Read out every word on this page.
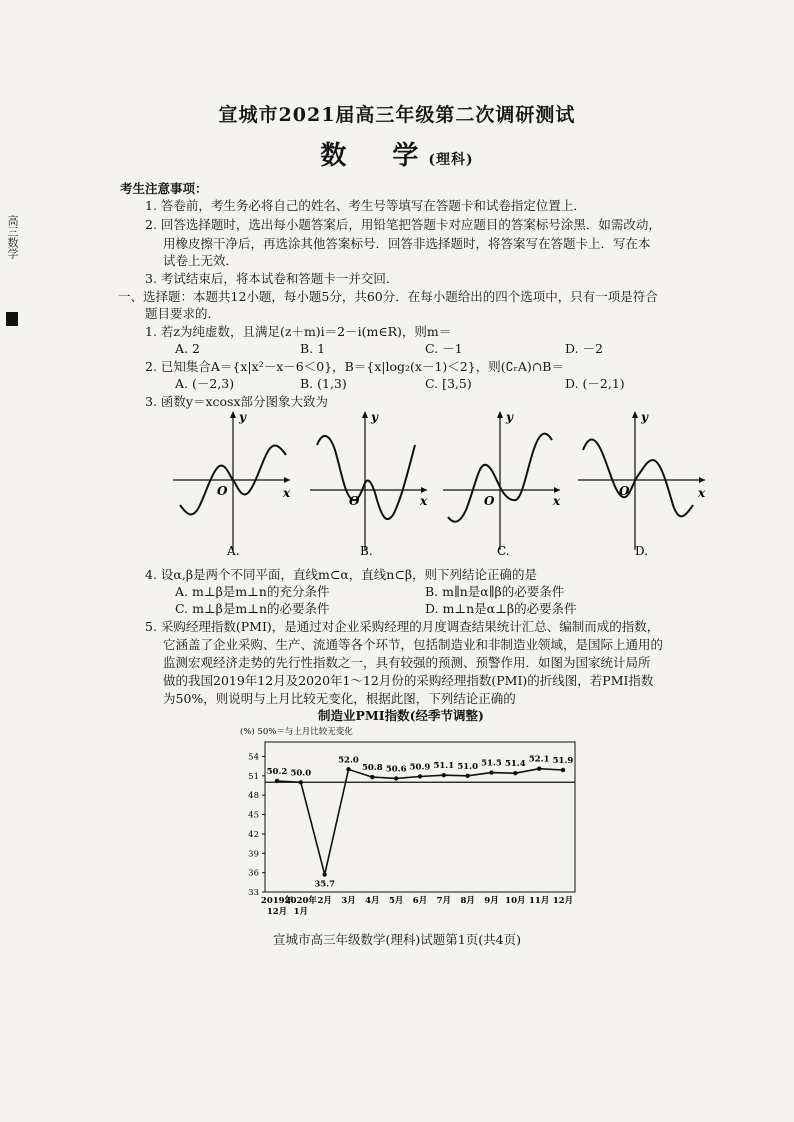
高三数学
宣城市2021届高三年级第二次调研测试
数　学(理科)
考生注意事项：
1. 答卷前，考生务必将自己的姓名、考生号等填写在答题卡和试卷指定位置上．
2. 回答选择题时，选出每小题答案后，用铅笔把答题卡对应题目的答案标号涂黑．如需改动，
用橡皮擦干净后，再选涂其他答案标号．回答非选择题时，将答案写在答题卡上．写在本
试卷上无效．
3. 考试结束后，将本试卷和答题卡一并交回．
一、选择题：本题共12小题，每小题5分，共60分．在每小题给出的四个选项中，只有一项是符合
题目要求的．
1. 若z为纯虚数，且满足(z＋m)i＝2－i(m∈R)，则m＝
A. 2	B. 1	C. －1	D. －2
2. 已知集合A＝{x|x²－x－6＜0}，B＝{x|log₂(x－1)＜2}，则(∁ᵣA)∩B＝
A. (－2,3)	B. (1,3)	C. [3,5)	D. (－2,1)
3. 函数y＝xcosx部分图象大致为
y
x
O
A.
y
x
O
B.
y
x
O
C.
y
x
O
D.
4. 设α,β是两个不同平面，直线m⊂α，直线n⊂β，则下列结论正确的是
A. m⊥β是m⊥n的充分条件	B. m∥n是α∥β的必要条件
C. m⊥β是m⊥n的必要条件	D. m⊥n是α⊥β的必要条件
5. 采购经理指数(PMI)，是通过对企业采购经理的月度调查结果统计汇总、编制而成的指数，
它涵盖了企业采购、生产、流通等各个环节，包括制造业和非制造业领域，是国际上通用的
监测宏观经济走势的先行性指数之一，具有较强的预测、预警作用．如图为国家统计局所
做的我国2019年12月及2020年1～12月份的采购经理指数(PMI)的折线图，若PMI指数
为50%，则说明与上月比较无变化，根据此图，下列结论正确的
制造业PMI指数(经季节调整)
(%) 50%＝与上月比较无变化
33
36
39
42
45
48
51
54
50.2 50.0
35.7
52.0
50.8 50.6 50.9 51.1 51.0 51.5 51.4 52.1 51.9
2019年
12月
2020年
1月
2月 3月 4月 5月 6月 7月 8月 9月 10月 11月 12月
宣城市高三年级数学(理科)试题第1页(共4页)
